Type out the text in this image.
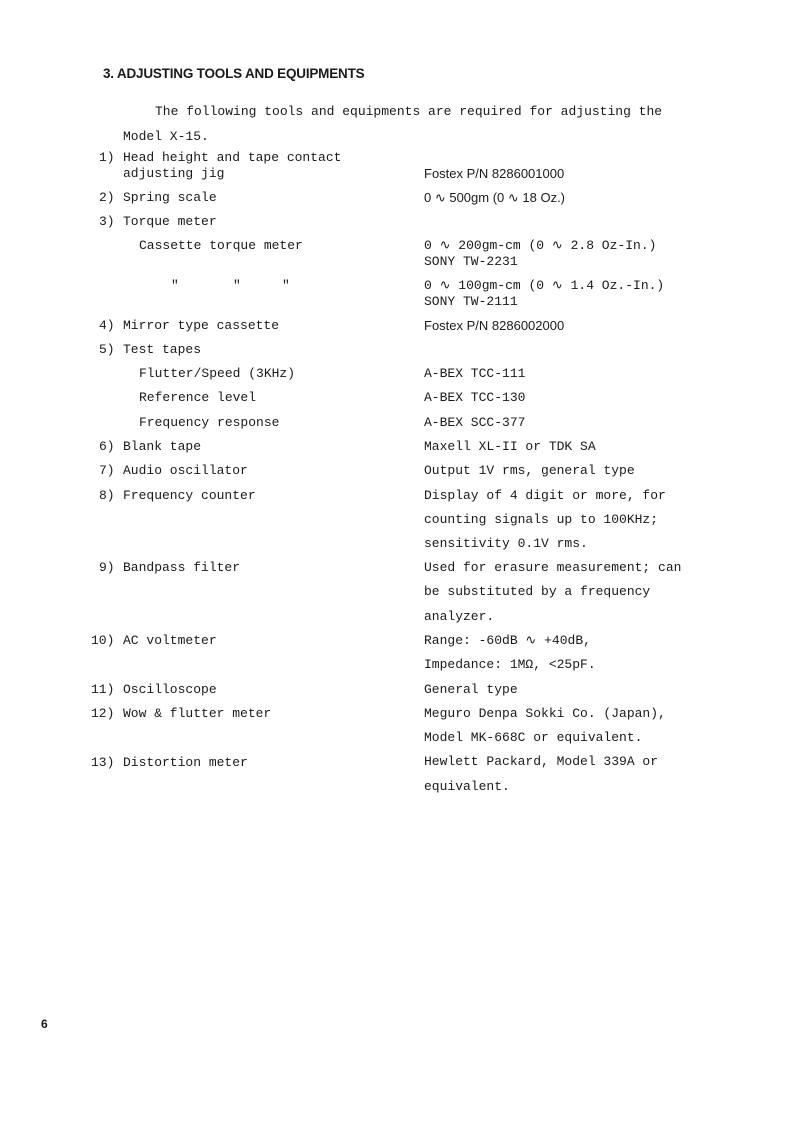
3. ADJUSTING TOOLS AND EQUIPMENTS
The following tools and equipments are required for adjusting the
Model X-15.
1) Head height and tape contact
adjusting jig	Fostex P/N 8286001000
2) Spring scale	0 ∿ 500gm (0 ∿ 18 Oz.)
3) Torque meter
Cassette torque meter	0 ∿ 200gm-cm (0 ∿ 2.8 Oz-In.)
SONY TW-2231
"	"	"	0 ∿ 100gm-cm (0 ∿ 1.4 Oz.-In.)
SONY TW-2111
4) Mirror type cassette	Fostex P/N 8286002000
5) Test tapes
Flutter/Speed (3KHz)	A-BEX TCC-111
Reference level	A-BEX TCC-130
Frequency response	A-BEX SCC-377
6) Blank tape	Maxell XL-II or TDK SA
7) Audio oscillator	Output 1V rms, general type
8) Frequency counter	Display of 4 digit or more, for
counting signals up to 100KHz;
sensitivity 0.1V rms.
9) Bandpass filter	Used for erasure measurement; can
be substituted by a frequency
analyzer.
10) AC voltmeter	Range: -60dB ∿ +40dB,
Impedance: 1MΩ, <25pF.
11) Oscilloscope	General type
12) Wow & flutter meter	Meguro Denpa Sokki Co. (Japan),
Model MK-668C or equivalent.
13) Distortion meter	Hewlett Packard, Model 339A or
equivalent.
6
